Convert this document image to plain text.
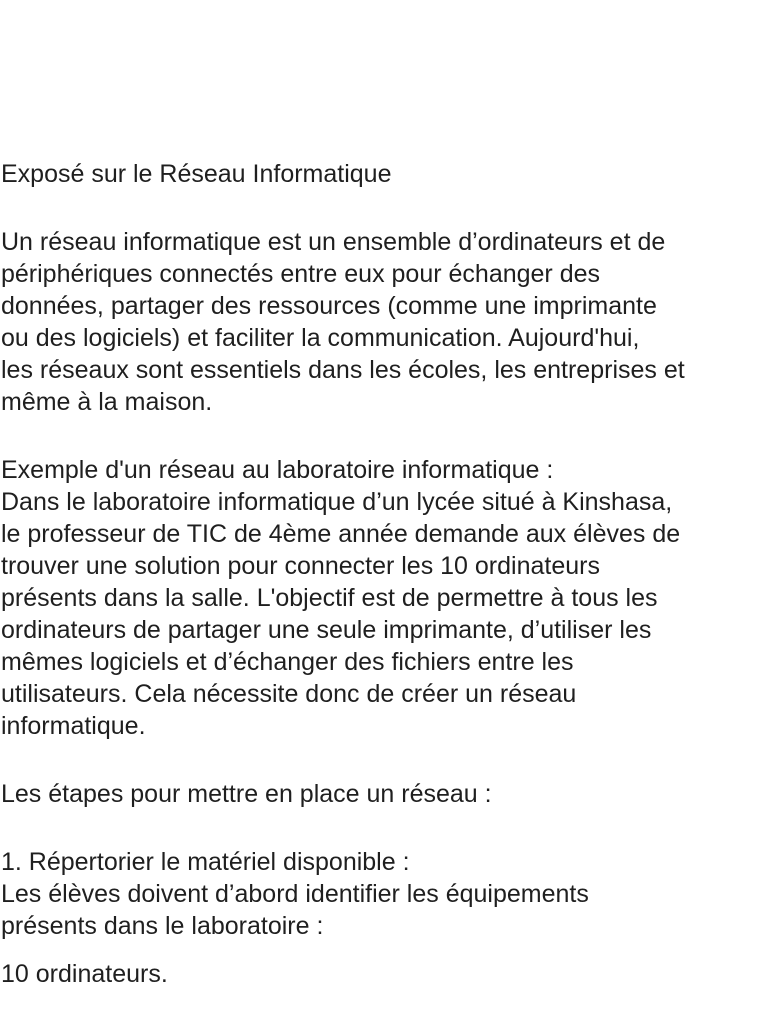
Exposé sur le Réseau Informatique

Un réseau informatique est un ensemble d’ordinateurs et de
périphériques connectés entre eux pour échanger des
données, partager des ressources (comme une imprimante
ou des logiciels) et faciliter la communication. Aujourd'hui,
les réseaux sont essentiels dans les écoles, les entreprises et
même à la maison.

Exemple d'un réseau au laboratoire informatique :
Dans le laboratoire informatique d’un lycée situé à Kinshasa,
le professeur de TIC de 4ème année demande aux élèves de
trouver une solution pour connecter les 10 ordinateurs
présents dans la salle. L'objectif est de permettre à tous les
ordinateurs de partager une seule imprimante, d’utiliser les
mêmes logiciels et d’échanger des fichiers entre les
utilisateurs. Cela nécessite donc de créer un réseau
informatique.

Les étapes pour mettre en place un réseau :

1. Répertorier le matériel disponible :
Les élèves doivent d’abord identifier les équipements
présents dans le laboratoire :

10 ordinateurs.
